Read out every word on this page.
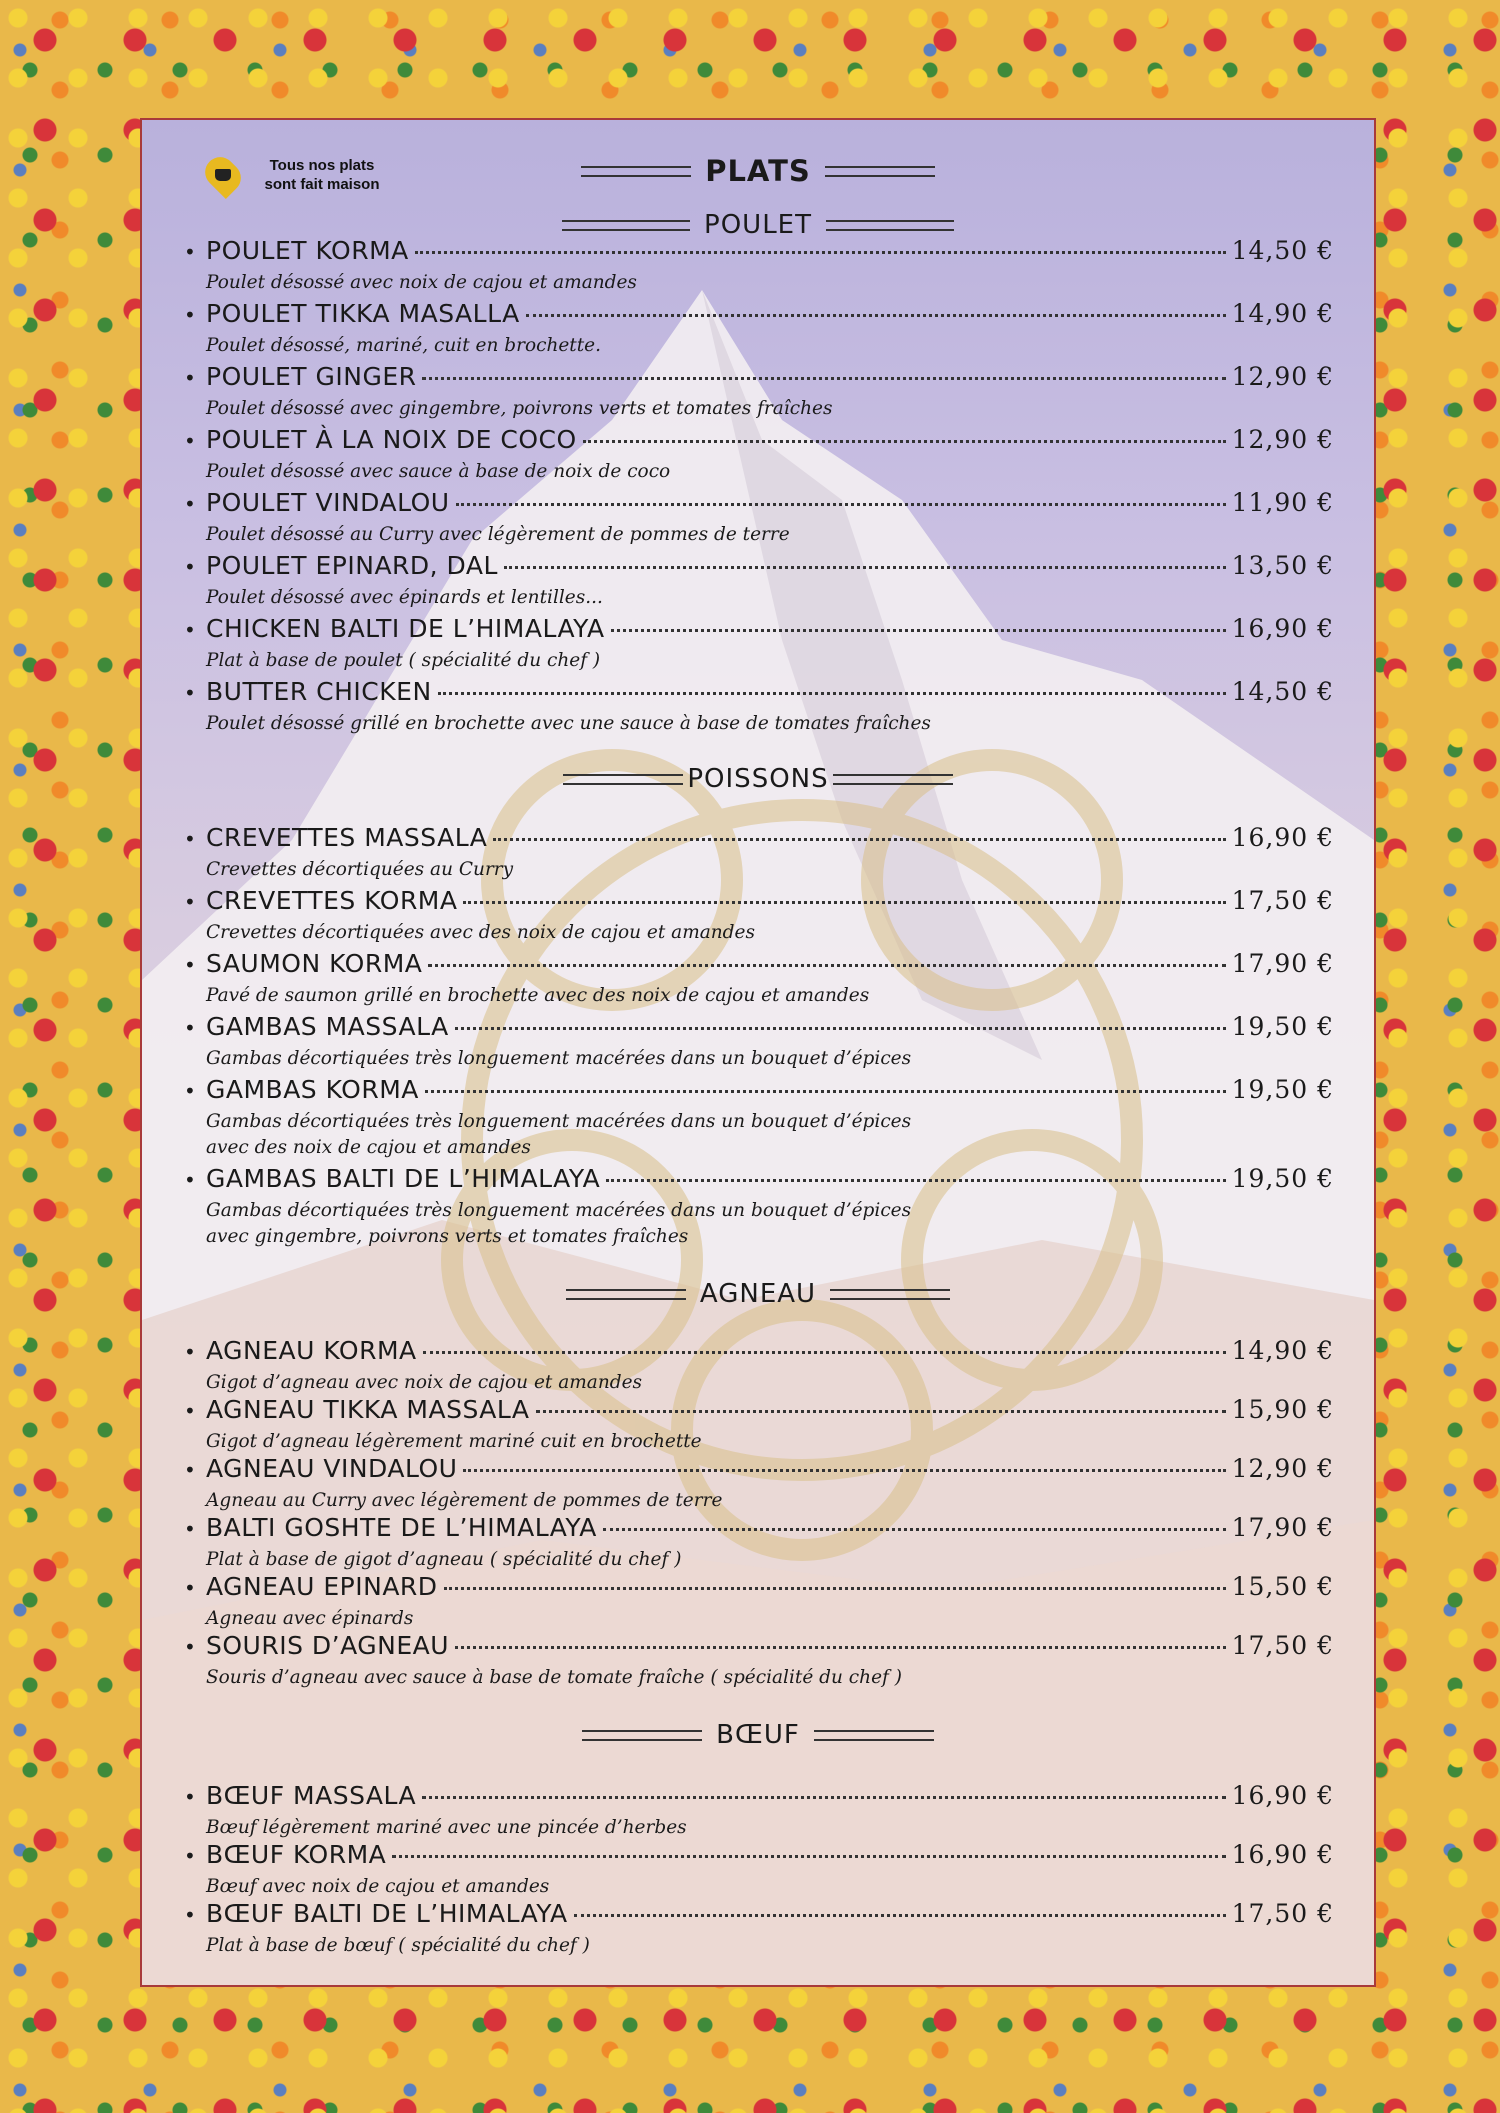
Tous nos plats
sont fait maison	PLATS
POULET
• POULET KORMA	14,50 €
Poulet désossé avec noix de cajou et amandes
• POULET TIKKA MASALLA	14,90 €
Poulet désossé, mariné, cuit en brochette.
• POULET GINGER	12,90 €
Poulet désossé avec gingembre, poivrons verts et tomates fraîches
• POULET À LA NOIX DE COCO	12,90 €
Poulet désossé avec sauce à base de noix de coco
• POULET VINDALOU	11,90 €
Poulet désossé au Curry avec légèrement de pommes de terre
• POULET EPINARD, DAL	13,50 €
Poulet désossé avec épinards et lentilles...
• CHICKEN BALTI DE L’HIMALAYA	16,90 €
Plat à base de poulet ( spécialité du chef )
• BUTTER CHICKEN	14,50 €
Poulet désossé grillé en brochette avec une sauce à base de tomates fraîches
POISSONS
• CREVETTES MASSALA	16,90 €
Crevettes décortiquées au Curry
• CREVETTES KORMA	17,50 €
Crevettes décortiquées avec des noix de cajou et amandes
• SAUMON KORMA	17,90 €
Pavé de saumon grillé en brochette avec des noix de cajou et amandes
• GAMBAS MASSALA	19,50 €
Gambas décortiquées très longuement macérées dans un bouquet d’épices
• GAMBAS KORMA	19,50 €
Gambas décortiquées très longuement macérées dans un bouquet d’épices
avec des noix de cajou et amandes
• GAMBAS BALTI DE L’HIMALAYA	19,50 €
Gambas décortiquées très longuement macérées dans un bouquet d’épices
avec gingembre, poivrons verts et tomates fraîches
AGNEAU
• AGNEAU KORMA	14,90 €
Gigot d’agneau avec noix de cajou et amandes
• AGNEAU TIKKA MASSALA	15,90 €
Gigot d’agneau légèrement mariné cuit en brochette
• AGNEAU VINDALOU	12,90 €
Agneau au Curry avec légèrement de pommes de terre
• BALTI GOSHTE DE L’HIMALAYA	17,90 €
Plat à base de gigot d’agneau ( spécialité du chef )
• AGNEAU EPINARD	15,50 €
Agneau avec épinards
• SOURIS D’AGNEAU	17,50 €
Souris d’agneau avec sauce à base de tomate fraîche ( spécialité du chef )
BŒUF
• BŒUF MASSALA	16,90 €
Bœuf légèrement mariné avec une pincée d’herbes
• BŒUF KORMA	16,90 €
Bœuf avec noix de cajou et amandes
• BŒUF BALTI DE L’HIMALAYA	17,50 €
Plat à base de bœuf ( spécialité du chef )
